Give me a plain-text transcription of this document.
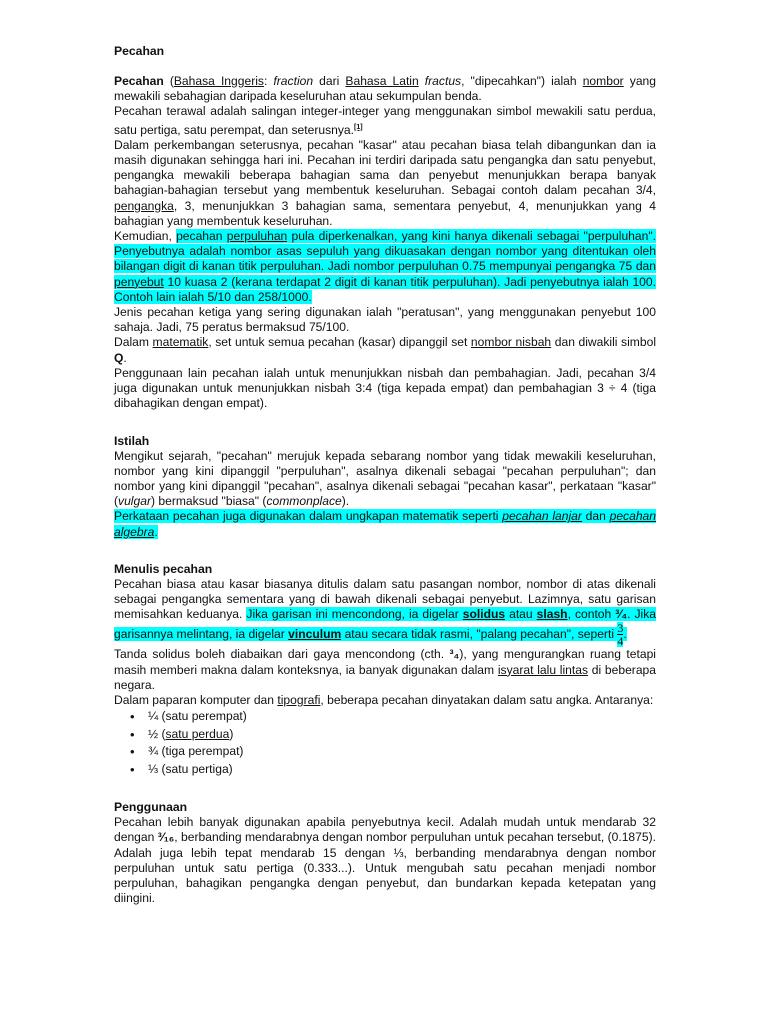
Pecahan

Pecahan (Bahasa Inggeris: fraction dari Bahasa Latin fractus, "dipecahkan") ialah nombor yang mewakili sebahagian daripada keseluruhan atau sekumpulan benda.

Pecahan terawal adalah salingan integer-integer yang menggunakan simbol mewakili satu perdua, satu pertiga, satu perempat, dan seterusnya.[1]

Dalam perkembangan seterusnya, pecahan "kasar" atau pecahan biasa telah dibangunkan dan ia masih digunakan sehingga hari ini. Pecahan ini terdiri daripada satu pengangka dan satu penyebut, pengangka mewakili beberapa bahagian sama dan penyebut menunjukkan berapa banyak bahagian-bahagian tersebut yang membentuk keseluruhan. Sebagai contoh dalam pecahan 3/4, pengangka, 3, menunjukkan 3 bahagian sama, sementara penyebut, 4, menunjukkan yang 4 bahagian yang membentuk keseluruhan.

Kemudian, pecahan perpuluhan pula diperkenalkan, yang kini hanya dikenali sebagai "perpuluhan". Penyebutnya adalah nombor asas sepuluh yang dikuasakan dengan nombor yang ditentukan oleh bilangan digit di kanan titik perpuluhan. Jadi nombor perpuluhan 0.75 mempunyai pengangka 75 dan penyebut 10 kuasa 2 (kerana terdapat 2 digit di kanan titik perpuluhan). Jadi penyebutnya ialah 100. Contoh lain ialah 5/10 dan 258/1000.

Jenis pecahan ketiga yang sering digunakan ialah "peratusan", yang menggunakan penyebut 100 sahaja. Jadi, 75 peratus bermaksud 75/100.

Dalam matematik, set untuk semua pecahan (kasar) dipanggil set nombor nisbah dan diwakili simbol Q.

Penggunaan lain pecahan ialah untuk menunjukkan nisbah dan pembahagian. Jadi, pecahan 3/4 juga digunakan untuk menunjukkan nisbah 3:4 (tiga kepada empat) dan pembahagian 3 ÷ 4 (tiga dibahagikan dengan empat).

Istilah

Mengikut sejarah, "pecahan" merujuk kepada sebarang nombor yang tidak mewakili keseluruhan, nombor yang kini dipanggil "perpuluhan", asalnya dikenali sebagai "pecahan perpuluhan"; dan nombor yang kini dipanggil "pecahan", asalnya dikenali sebagai "pecahan kasar", perkataan "kasar" (vulgar) bermaksud "biasa" (commonplace).

Perkataan pecahan juga digunakan dalam ungkapan matematik seperti pecahan lanjar dan pecahan algebra.

Menulis pecahan

Pecahan biasa atau kasar biasanya ditulis dalam satu pasangan nombor, nombor di atas dikenali sebagai pengangka sementara yang di bawah dikenali sebagai penyebut. Lazimnya, satu garisan memisahkan keduanya. Jika garisan ini mencondong, ia digelar solidus atau slash, contoh ³⁄₄. Jika garisannya melintang, ia digelar vinculum atau secara tidak rasmi, "palang pecahan", seperti $\frac{3}{4}$ .

Tanda solidus boleh diabaikan dari gaya mencondong (cth. ³₄), yang mengurangkan ruang tetapi masih memberi makna dalam konteksnya, ia banyak digunakan dalam isyarat lalu lintas di beberapa negara.

Dalam paparan komputer dan tipografi, beberapa pecahan dinyatakan dalam satu angka. Antaranya:

• ¼ (satu perempat)
• ½ (satu perdua)
• ¾ (tiga perempat)
• ⅓ (satu pertiga)
Penggunaan

Pecahan lebih banyak digunakan apabila penyebutnya kecil. Adalah mudah untuk mendarab 32 dengan ³⁄₁₆, berbanding mendarabnya dengan nombor perpuluhan untuk pecahan tersebut, (0.1875). Adalah juga lebih tepat mendarab 15 dengan ⅓, berbanding mendarabnya dengan nombor perpuluhan untuk satu pertiga (0.333...). Untuk mengubah satu pecahan menjadi nombor perpuluhan, bahagikan pengangka dengan penyebut, dan bundarkan kepada ketepatan yang diingini.
